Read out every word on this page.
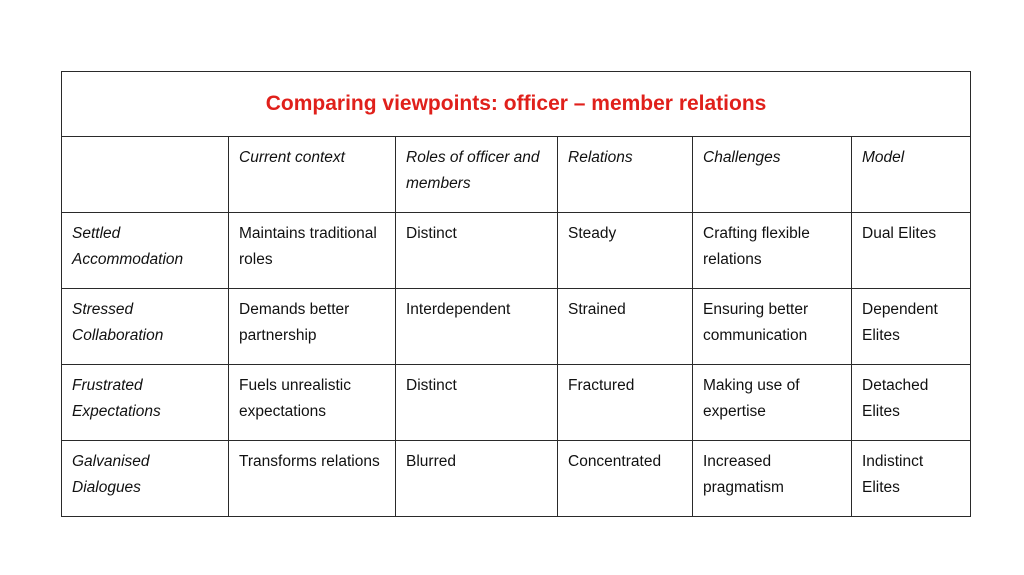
Comparing viewpoints: officer – member relations					
	Current context	Roles of officer and members	Relations	Challenges	Model
Settled Accommodation	Maintains traditional roles	Distinct	Steady	Crafting flexible relations	Dual Elites
Stressed Collaboration	Demands better partnership	Interdependent	Strained	Ensuring better communication	Dependent Elites
Frustrated Expectations	Fuels unrealistic expectations	Distinct	Fractured	Making use of expertise	Detached Elites
Galvanised Dialogues	Transforms relations	Blurred	Concentrated	Increased pragmatism	Indistinct Elites
